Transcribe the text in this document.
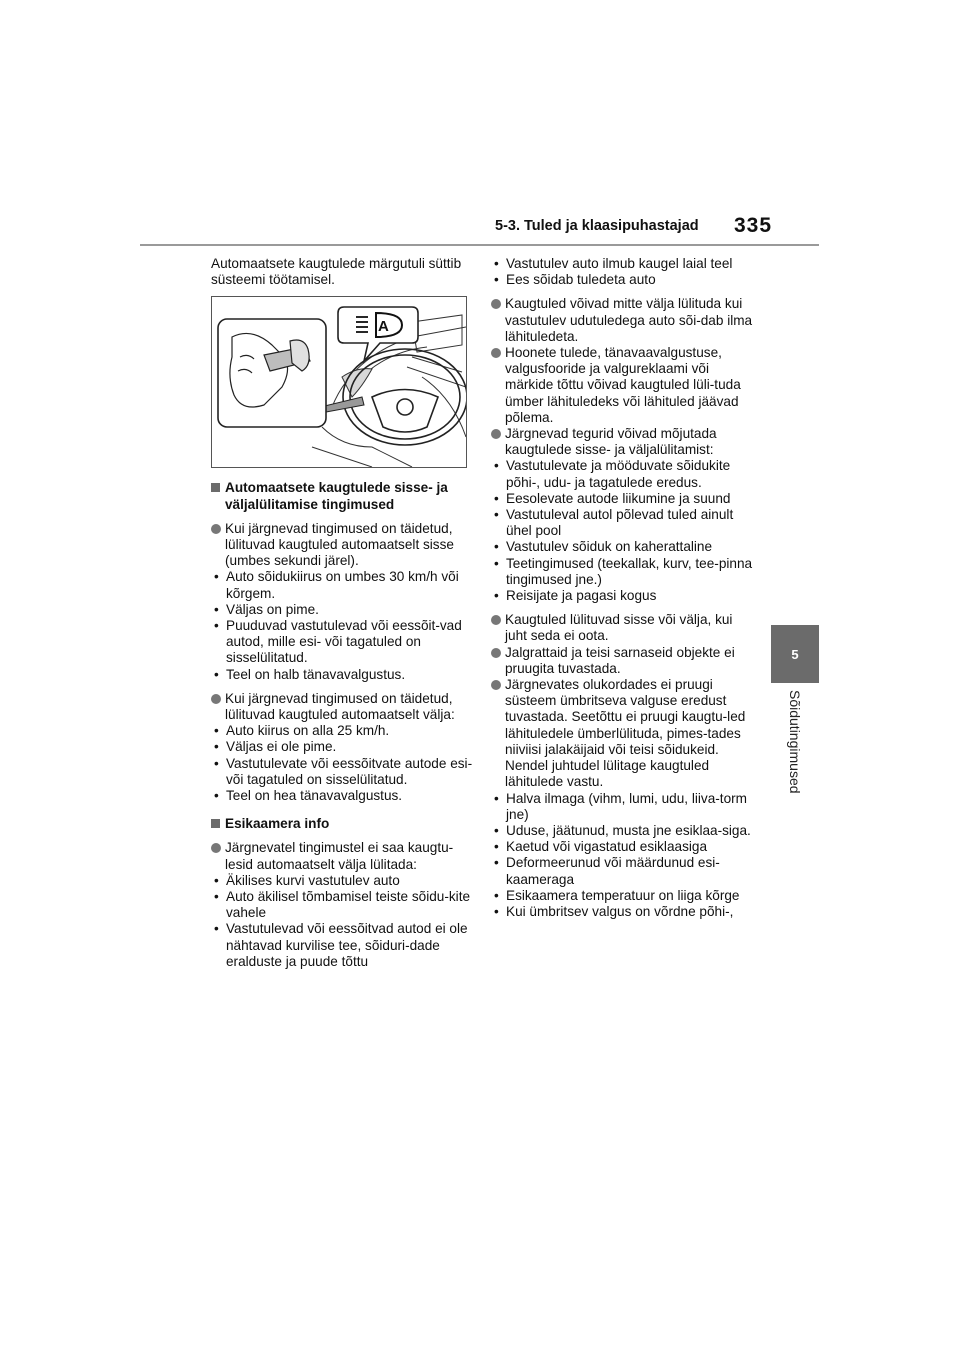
5-3. Tuled ja klaasipuhastajad 335
5
Sõidutingimused

Automaatsete kaugtulede märgutuli süttib süsteemi töötamisel.

A
Automaatsete kaugtulede sisse- ja väljalülitamise tingimused
Kui järgnevad tingimused on täidetud, lülituvad kaugtuled automaatselt sisse (umbes sekundi järel).
• Auto sõidukiirus on umbes 30 km/h või kõrgem.
• Väljas on pime.
• Puuduvad vastutulevad või eessõit-vad autod, mille esi- või tagatuled on sisselülitatud.
• Teel on halb tänavavalgustus.
Kui järgnevad tingimused on täidetud, lülituvad kaugtuled automaatselt välja:
• Auto kiirus on alla 25 km/h.
• Väljas ei ole pime.
• Vastutulevate või eessõitvate autode esi- või tagatuled on sisselülitatud.
• Teel on hea tänavavalgustus.
Esikaamera info
Järgnevatel tingimustel ei saa kaugtu-lesid automaatselt välja lülitada:
• Äkilises kurvi vastutulev auto
• Auto äkilisel tõmbamisel teiste sõidu-kite vahele
• Vastutulevad või eessõitvad autod ei ole nähtavad kurvilise tee, sõiduri-dade eralduste ja puude tõttu
• Vastutulev auto ilmub kaugel laial teel
• Ees sõidab tuledeta auto
Kaugtuled võivad mitte välja lülituda kui vastutulev udutuledega auto sõi-dab ilma lähituledeta.
Hoonete tulede, tänavaavalgustuse, valgusfooride ja valgureklaami või märkide tõttu võivad kaugtuled lüli-tuda ümber lähituledeks või lähituled jäävad põlema.
Järgnevad tegurid võivad mõjutada kaugtulede sisse- ja väljalülitamist:
• Vastutulevate ja mööduvate sõidukite põhi-, udu- ja tagatulede eredus.
• Eesolevate autode liikumine ja suund
• Vastutuleval autol põlevad tuled ainult ühel pool
• Vastutulev sõiduk on kaherattaline
• Teetingimused (teekallak, kurv, tee-pinna tingimused jne.)
• Reisijate ja pagasi kogus
Kaugtuled lülituvad sisse või välja, kui juht seda ei oota.
Jalgrattaid ja teisi sarnaseid objekte ei pruugita tuvastada.
Järgnevates olukordades ei pruugi süsteem ümbritseva valguse eredust tuvastada. Seetõttu ei pruugi kaugtu-led lähituledele ümberlülituda, pimes-tades niiviisi jalakäijaid või teisi sõidukeid. Nendel juhtudel lülitage kaugtuled lähitulede vastu.
• Halva ilmaga (vihm, lumi, udu, liiva-torm jne)
• Uduse, jäätunud, musta jne esiklaa-siga.
• Kaetud või vigastatud esiklaasiga
• Deformeerunud või määrdunud esi-kaameraga
• Esikaamera temperatuur on liiga kõrge
• Kui ümbritsev valgus on võrdne põhi-,
